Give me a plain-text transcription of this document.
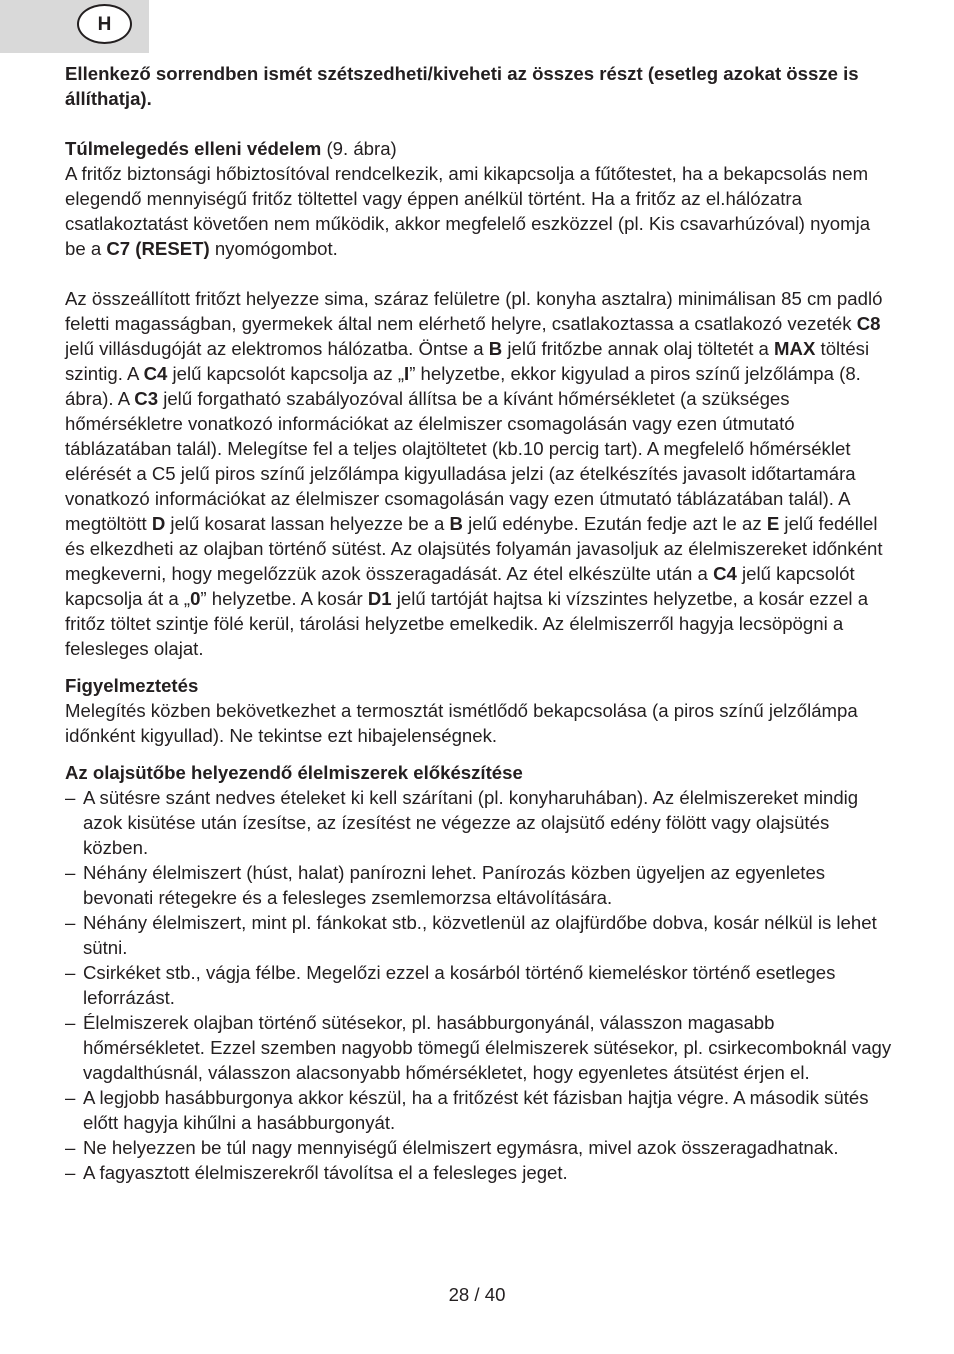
H

Ellenkező sorrendben ismét szétszedheti/kiveheti az összes részt (esetleg azokat össze is állíthatja).

Túlmelegedés elleni védelem (9. ábra)

A fritőz biztonsági hőbiztosítóval rendcelkezik, ami kikapcsolja a fűtőtestet, ha a bekapcsolás nem elegendő mennyiségű fritőz töltettel vagy éppen anélkül történt. Ha a fritőz az el.hálózatra csatlakoztatást követően nem működik, akkor megfelelő eszközzel (pl. Kis csavarhúzóval) nyomja be a C7 (RESET) nyomógombot.

Az összeállított fritőzt helyezze sima, száraz felületre (pl. konyha asztalra) minimálisan 85 cm padló feletti magasságban, gyermekek által nem elérhető helyre, csatlakoztassa a csatlakozó vezeték C8 jelű villásdugóját az elektromos hálózatba. Öntse a B jelű fritőzbe annak olaj töltetét a MAX töltési szintig. A C4 jelű kapcsolót kapcsolja az „I” helyzetbe, ekkor kigyulad a piros színű jelzőlámpa (8. ábra). A C3 jelű forgatható szabályozóval állítsa be a kívánt hőmérsékletet (a szükséges hőmérsékletre vonatkozó információkat az élelmiszer csomagolásán vagy ezen útmutató táblázatában talál). Melegítse fel a teljes olajtöltetet (kb.10 percig tart). A megfelelő hőmérséklet elérését a C5 jelű piros színű jelzőlámpa kigyulladása jelzi (az ételkészítés javasolt időtartamára vonatkozó információkat az élelmiszer csomagolásán vagy ezen útmutató táblázatában talál). A megtöltött D jelű kosarat lassan helyezze be a B jelű edénybe. Ezután fedje azt le az E jelű fedéllel és elkezdheti az olajban történő sütést. Az olajsütés folyamán javasoljuk az élelmiszereket időnként megkeverni, hogy megelőzzük azok összeragadását. Az étel elkészülte után a C4 jelű kapcsolót kapcsolja át a „0” helyzetbe. A kosár D1 jelű tartóját hajtsa ki vízszintes helyzetbe, a kosár ezzel a fritőz töltet szintje fölé kerül, tárolási helyzetbe emelkedik. Az élelmiszerről hagyja lecsöpögni a felesleges olajat.

Figyelmeztetés

Melegítés közben bekövetkezhet a termosztát ismétlődő bekapcsolása (a piros színű jelzőlámpa időnként kigyullad). Ne tekintse ezt hibajelenségnek.

Az olajsütőbe helyezendő élelmiszerek előkészítése

– A sütésre szánt nedves ételeket ki kell szárítani (pl. konyharuhában). Az élelmiszereket mindig azok kisütése után ízesítse, az ízesítést ne végezze az olajsütő edény fölött vagy olajsütés közben.
– Néhány élelmiszert (húst, halat) panírozni lehet. Panírozás közben ügyeljen az egyenletes bevonati rétegekre és a felesleges zsemlemorzsa eltávolítására.
– Néhány élelmiszert, mint pl. fánkokat stb., közvetlenül az olajfürdőbe dobva, kosár nélkül is lehet sütni.
– Csirkéket stb., vágja félbe. Megelőzi ezzel a kosárból történő kiemeléskor történő esetleges leforrázást.
– Élelmiszerek olajban történő sütésekor, pl. hasábburgonyánál, válasszon magasabb hőmérsékletet. Ezzel szemben nagyobb tömegű élelmiszerek sütésekor, pl. csirkecomboknál vagy vagdalthúsnál, válasszon alacsonyabb hőmérsékletet, hogy egyenletes átsütést érjen el.
– A legjobb hasábburgonya akkor készül, ha a fritőzést két fázisban hajtja végre. A második sütés előtt hagyja kihűlni a hasábburgonyát.
– Ne helyezzen be túl nagy mennyiségű élelmiszert egymásra, mivel azok összeragadhatnak.
– A fagyasztott élelmiszerekről távolítsa el a felesleges jeget.
28 / 40
